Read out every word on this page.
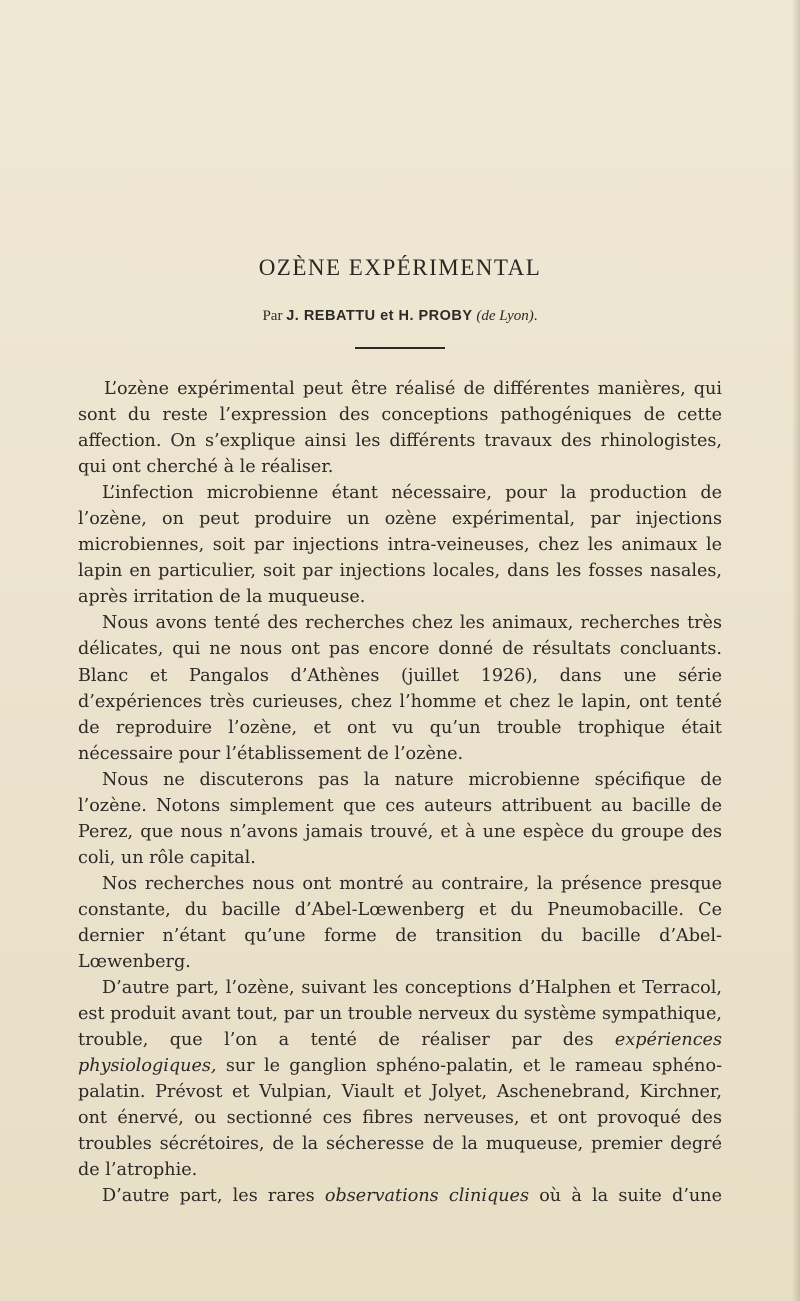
OZÈNE EXPÉRIMENTAL
Par J. REBATTU et H. PROBY (de Lyon).

L’ozène expérimental peut être réalisé de différentes manières, qui sont du reste l’expression des conceptions pathogéniques de cette affection. On s’explique ainsi les différents travaux des rhinologistes, qui ont cherché à le réaliser.

L’infection microbienne étant nécessaire, pour la production de l’ozène, on peut produire un ozène expérimental, par injections microbiennes, soit par injections intra-veineuses, chez les animaux le lapin en particulier, soit par injections locales, dans les fosses nasales, après irritation de la muqueuse.

Nous avons tenté des recherches chez les animaux, recherches très délicates, qui ne nous ont pas encore donné de résultats concluants. Blanc et Pangalos d’Athènes (juillet 1926), dans une série d’expériences très curieuses, chez l’homme et chez le lapin, ont tenté de reproduire l’ozène, et ont vu qu’un trouble trophique était nécessaire pour l’établissement de l’ozène.

Nous ne discuterons pas la nature microbienne spécifique de l’ozène. Notons simplement que ces auteurs attribuent au bacille de Perez, que nous n’avons jamais trouvé, et à une espèce du groupe des coli, un rôle capital.

Nos recherches nous ont montré au contraire, la présence presque constante, du bacille d’Abel-Lœwenberg et du Pneumobacille. Ce dernier n’étant qu’une forme de transition du bacille d’Abel-Lœwenberg.

D’autre part, l’ozène, suivant les conceptions d’Halphen et Terracol, est produit avant tout, par un trouble nerveux du système sympathique, trouble, que l’on a tenté de réaliser par des expériences physiologiques, sur le ganglion sphéno-palatin, et le rameau sphéno-palatin. Prévost et Vulpian, Viault et Jolyet, Aschenebrand, Kirchner, ont énervé, ou sectionné ces fibres nerveuses, et ont provoqué des troubles sécrétoires, de la sécheresse de la muqueuse, premier degré de l’atrophie.

D’autre part, les rares observations cliniques où à la suite d’une
